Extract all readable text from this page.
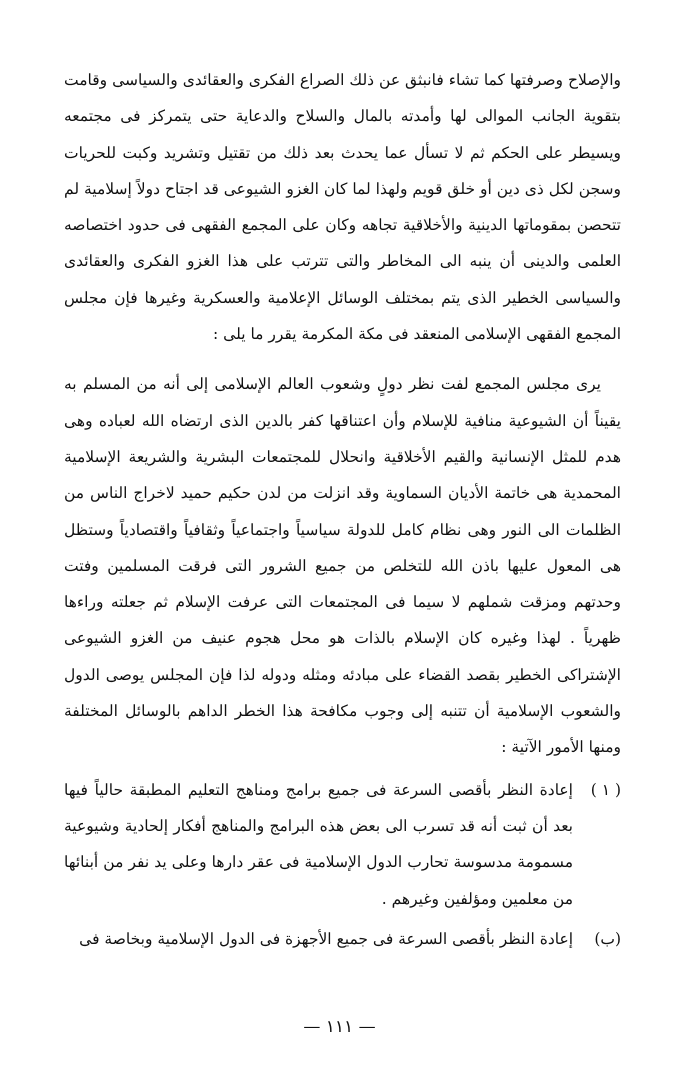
والإصلاح وصرفتها كما تشاء فانبثق عن ذلك الصراع الفكرى والعقائدى والسياسى وقامت بتقوية الجانب الموالى لها وأمدته بالمال والسلاح والدعاية حتى يتمركز فى مجتمعه ويسيطر على الحكم ثم لا تسأل عما يحدث بعد ذلك من تقتيل وتشريد وكبت للحريات وسجن لكل ذى دين أو خلق قويم ولهذا لما كان الغزو الشيوعى قد اجتاح دولاً إسلامية لم تتحصن بمقوماتها الدينية والأخلاقية تجاهه وكان على المجمع الفقهى فى حدود اختصاصه العلمى والدينى أن ينبه الى المخاطر والتى تترتب على هذا الغزو الفكرى والعقائدى والسياسى الخطير الذى يتم بمختلف الوسائل الإعلامية والعسكرية وغيرها فإن مجلس المجمع الفقهى الإسلامى المنعقد فى مكة المكرمة يقرر ما يلى :

يرى مجلس المجمع لفت نظر دولٍ وشعوب العالم الإسلامى إلى أنه من المسلم به يقيناً أن الشيوعية منافية للإسلام وأن اعتناقها كفر بالدين الذى ارتضاه الله لعباده وهى هدم للمثل الإنسانية والقيم الأخلاقية وانحلال للمجتمعات البشرية والشريعة الإسلامية المحمدية هى خاتمة الأديان السماوية وقد انزلت من لدن حكيم حميد لاخراج الناس من الظلمات الى النور وهى نظام كامل للدولة سياسياً واجتماعياً وثقافياً واقتصادياً وستظل هى المعول عليها باذن الله للتخلص من جميع الشرور التى فرقت المسلمين وفتت وحدتهم ومزقت شملهم لا سيما فى المجتمعات التى عرفت الإسلام ثم جعلته وراءها ظهرياً . لهذا وغيره كان الإسلام بالذات هو محل هجوم عنيف من الغزو الشيوعى الإشتراكى الخطير بقصد القضاء على مبادئه ومثله ودوله لذا فإن المجلس يوصى الدول والشعوب الإسلامية أن تتنبه إلى وجوب مكافحة هذا الخطر الداهم بالوسائل المختلفة ومنها الأمور الآتية :

( ١ )

إعادة النظر بأقصى السرعة فى جميع برامج ومناهج التعليم المطبقة حالياً فيها بعد أن ثبت أنه قد تسرب الى بعض هذه البرامج والمناهج أفكار إلحادية وشيوعية مسمومة مدسوسة تحارب الدول الإسلامية فى عقر دارها وعلى يد نفر من أبنائها من معلمين ومؤلفين وغيرهم .

(ب)

إعادة النظر بأقصى السرعة فى جميع الأجهزة فى الدول الإسلامية وبخاصة فى

— ١١١ —
